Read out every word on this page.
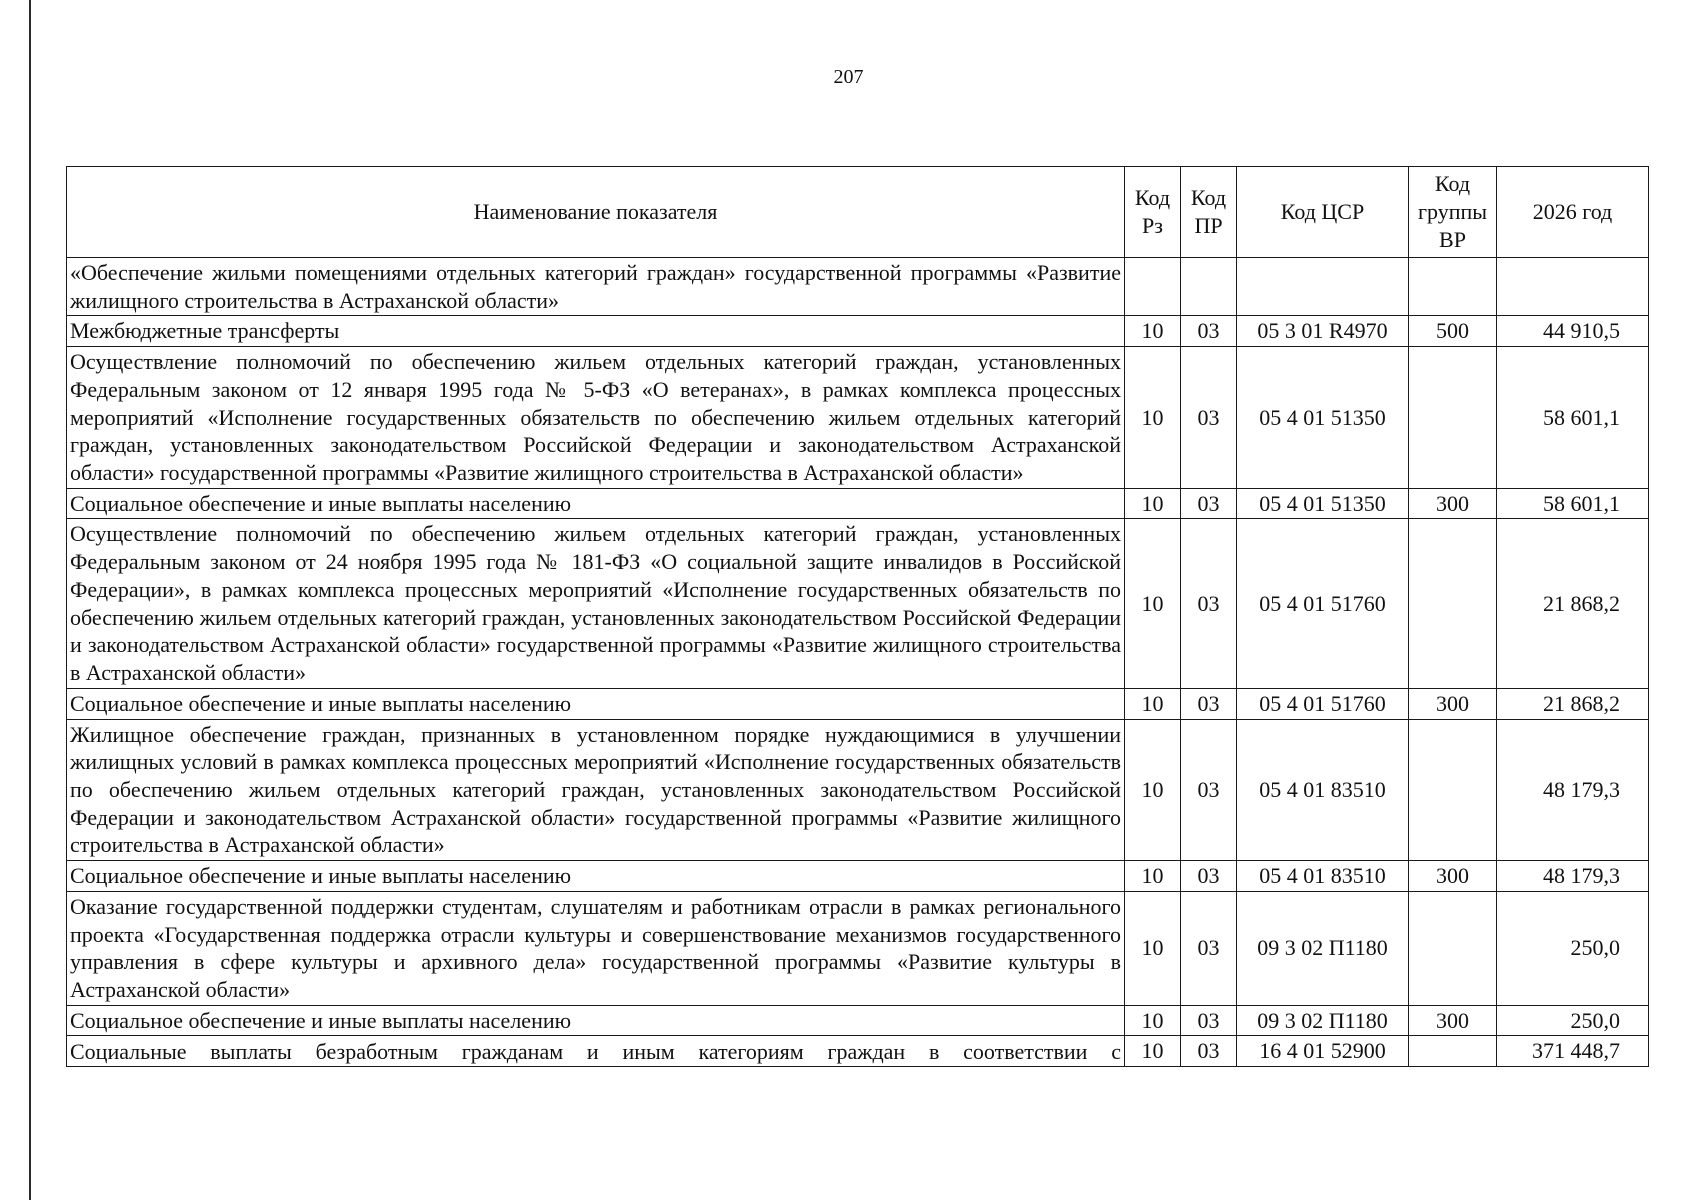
207
Наименование показателя	Код Рз	Код ПР	Код ЦСР	Код группы ВР	2026 год
«Обеспечение жильми помещениями отдельных категорий граждан» государственной программы «Развитие жилищного строительства в Астраханской области»					
Межбюджетные трансферты	10	03	05 3 01 R4970	500	44 910,5
Осуществление полномочий по обеспечению жильем отдельных категорий граждан, установленных Федеральным законом от 12 января 1995 года № 5-ФЗ «О ветеранах», в рамках комплекса процессных мероприятий «Исполнение государственных обязательств по обеспечению жильем отдельных категорий граждан, установленных законодательством Российской Федерации и законодательством Астраханской области» государственной программы «Развитие жилищного строительства в Астраханской области»	10	03	05 4 01 51350		58 601,1
Социальное обеспечение и иные выплаты населению	10	03	05 4 01 51350	300	58 601,1
Осуществление полномочий по обеспечению жильем отдельных категорий граждан, установленных Федеральным законом от 24 ноября 1995 года № 181-ФЗ «О социальной защите инвалидов в Российской Федерации», в рамках комплекса процессных мероприятий «Исполнение государственных обязательств по обеспечению жильем отдельных категорий граждан, установленных законодательством Российской Федерации и законодательством Астраханской области» государственной программы «Развитие жилищного строительства в Астраханской области»	10	03	05 4 01 51760		21 868,2
Социальное обеспечение и иные выплаты населению	10	03	05 4 01 51760	300	21 868,2
Жилищное обеспечение граждан, признанных в установленном порядке нуждающимися в улучшении жилищных условий в рамках комплекса процессных мероприятий «Исполнение государственных обязательств по обеспечению жильем отдельных категорий граждан, установленных законодательством Российской Федерации и законодательством Астраханской области» государственной программы «Развитие жилищного строительства в Астраханской области»	10	03	05 4 01 83510		48 179,3
Социальное обеспечение и иные выплаты населению	10	03	05 4 01 83510	300	48 179,3
Оказание государственной поддержки студентам, слушателям и работникам отрасли в рамках регионального проекта «Государственная поддержка отрасли культуры и совершенствование механизмов государственного управления в сфере культуры и архивного дела» государственной программы «Развитие культуры в Астраханской области»	10	03	09 3 02 П1180		250,0
Социальное обеспечение и иные выплаты населению	10	03	09 3 02 П1180	300	250,0

Социальные выплаты безработным гражданам и иным категориям граждан в соответствии с	10	03	16 4 01 52900		371 448,7
